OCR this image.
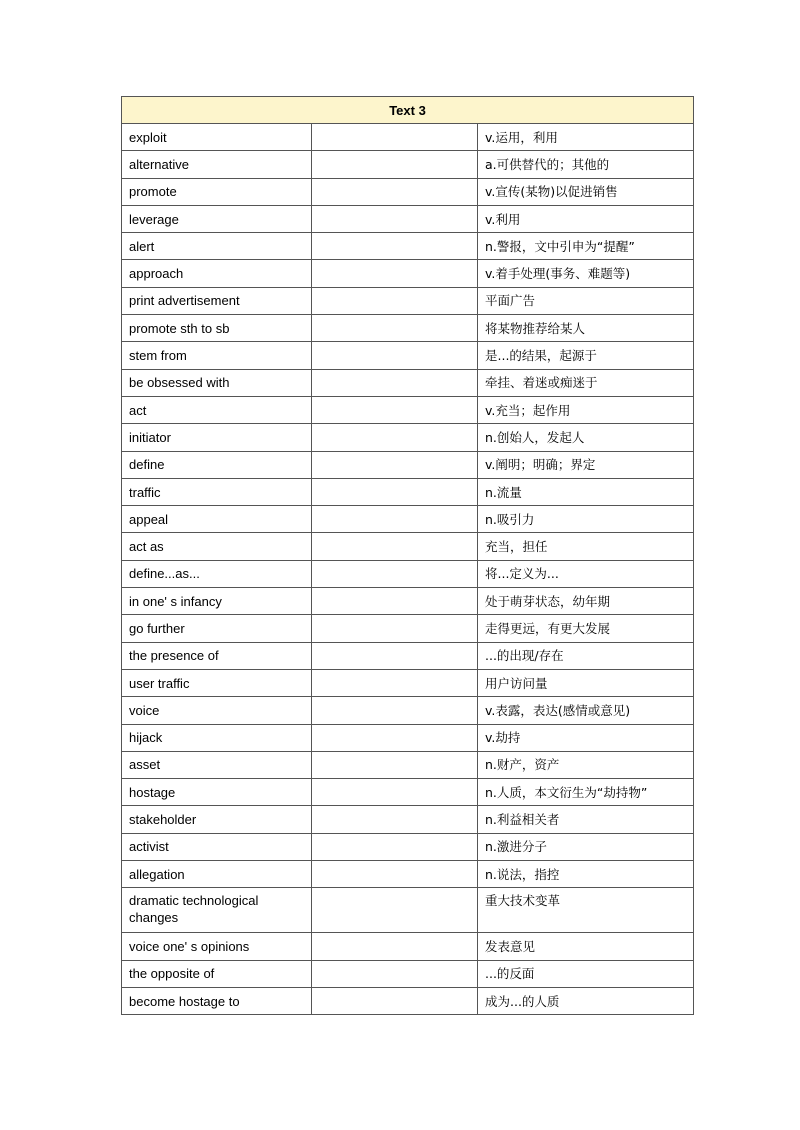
Text 3		
exploit		v.运用，利用
alternative		a.可供替代的；其他的
promote		v.宣传(某物)以促进销售
leverage		v.利用
alert		n.警报，文中引申为“提醒”
approach		v.着手处理(事务、难题等)
print advertisement		平面广告
promote sth to sb		将某物推荐给某人
stem from		是...的结果，起源于
be obsessed with		牵挂、着迷或痴迷于
act		v.充当；起作用
initiator		n.创始人，发起人
define		v.阐明；明确；界定
traffic		n.流量
appeal		n.吸引力
act as		充当，担任
define...as...		将...定义为...
in one' s infancy		处于萌芽状态，幼年期
go further		走得更远，有更大发展
the presence of		...的出现/存在
user traffic		用户访问量
voice		v.表露，表达(感情或意见)
hijack		v.劫持
asset		n.财产，资产
hostage		n.人质，本文衍生为“劫持物”
stakeholder		n.利益相关者
activist		n.激进分子
allegation		n.说法，指控
dramatic technological changes		重大技术变革
voice one' s opinions		发表意见
the opposite of		...的反面
become hostage to		成为...的人质
